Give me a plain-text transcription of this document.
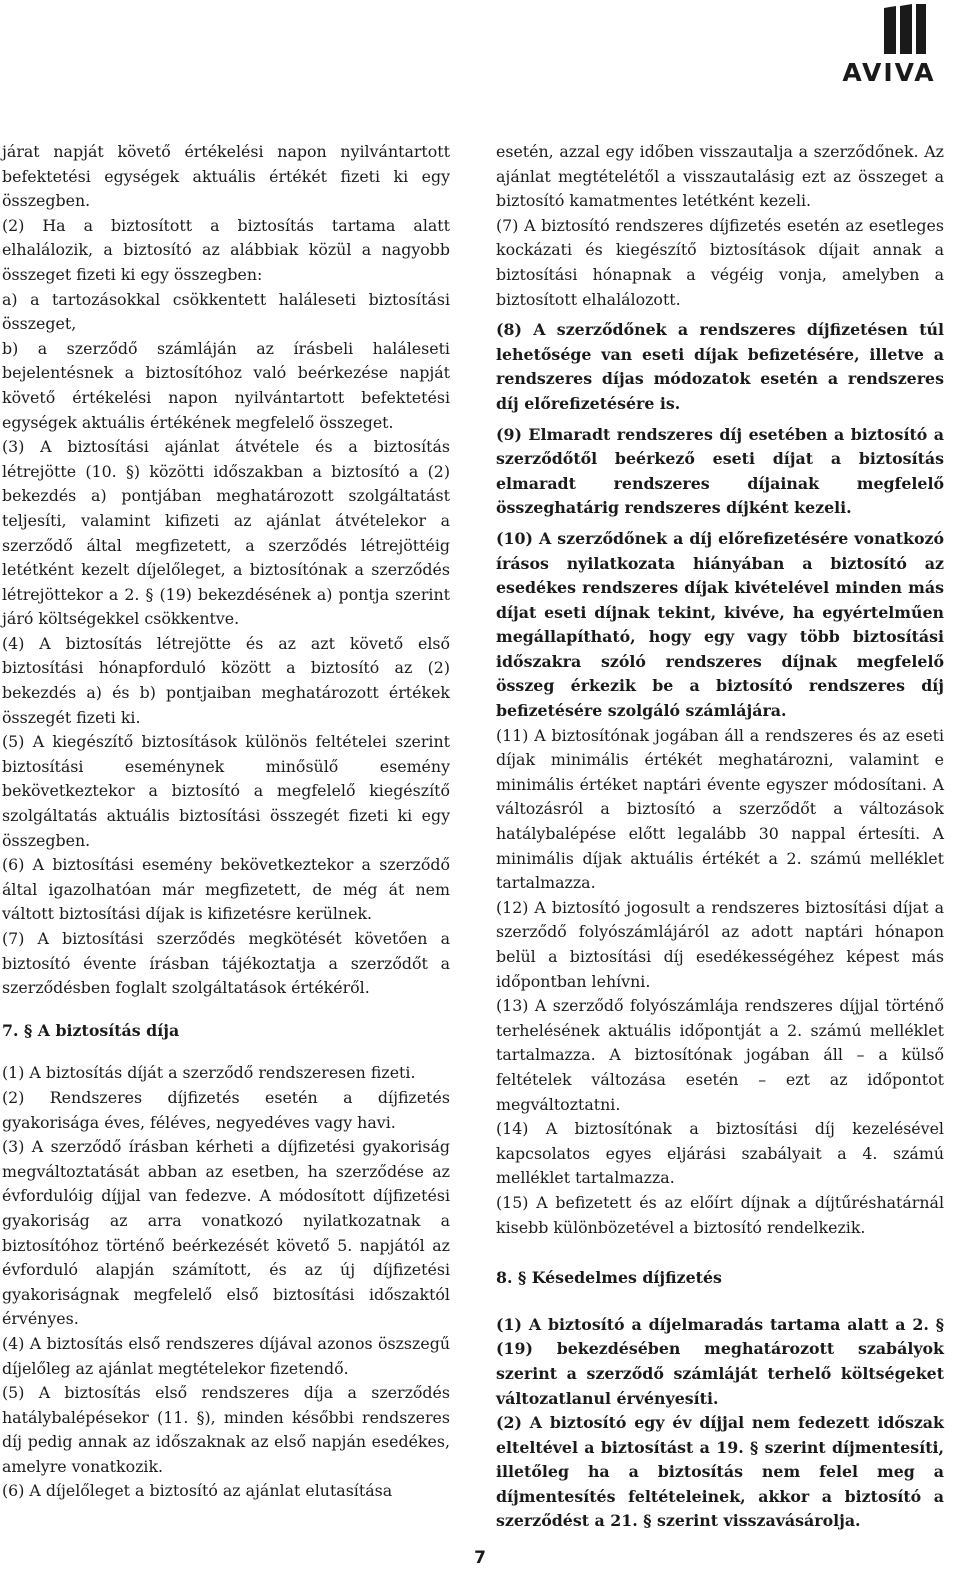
AVIVA

járat napját követő értékelési napon nyilvántartott befektetési egységek aktuális értékét fizeti ki egy összegben.

(2) Ha a biztosított a biztosítás tartama alatt elhalálozik, a biztosító az alábbiak közül a nagyobb összeget fizeti ki egy összegben:

a) a tartozásokkal csökkentett haláleseti biztosítási összeget,

b) a szerződő számláján az írásbeli haláleseti bejelentésnek a biztosítóhoz való beérkezése napját követő értékelési napon nyilvántartott befektetési egységek aktuális értékének megfelelő összeget.

(3) A biztosítási ajánlat átvétele és a biztosítás létrejötte (10. §) közötti időszakban a biztosító a (2) bekezdés a) pontjában meghatározott szolgáltatást teljesíti, valamint kifizeti az ajánlat átvételekor a szerződő által megfizetett, a szerződés létrejöttéig letétként kezelt díjelőleget, a biztosítónak a szerződés létrejöttekor a 2. § (19) bekezdésének a) pontja szerint járó költségekkel csökkentve.

(4) A biztosítás létrejötte és az azt követő első biztosítási hónapforduló között a biztosító az (2) bekezdés a) és b) pontjaiban meghatározott értékek összegét fizeti ki.

(5) A kiegészítő biztosítások különös feltételei szerint biztosítási eseménynek minősülő esemény bekövetkeztekor a biztosító a megfelelő kiegészítő szolgáltatás aktuális biztosítási összegét fizeti ki egy összegben.

(6) A biztosítási esemény bekövetkeztekor a szerződő által igazolhatóan már megfizetett, de még át nem váltott biztosítási díjak is kifizetésre kerülnek.

(7) A biztosítási szerződés megkötését követően a biztosító évente írásban tájékoztatja a szerződőt a szerződésben foglalt szolgáltatások értékéről.

7. § A biztosítás díja

(1) A biztosítás díját a szerződő rendszeresen fizeti.

(2) Rendszeres díjfizetés esetén a díjfizetés gyakorisága éves, féléves, negyedéves vagy havi.

(3) A szerződő írásban kérheti a díjfizetési gyakoriság megváltoztatását abban az esetben, ha szerződése az évfordulóig díjjal van fedezve. A módosított díjfizetési gyakoriság az arra vonatkozó nyilatkozatnak a biztosítóhoz történő beérkezését követő 5. napjától az évforduló alapján számított, és az új díjfizetési gyakoriságnak megfelelő első biztosítási időszaktól érvényes.

(4) A biztosítás első rendszeres díjával azonos öszszegű díjelőleg az ajánlat megtételekor fizetendő.

(5) A biztosítás első rendszeres díja a szerződés hatálybalépésekor (11. §), minden későbbi rendszeres díj pedig annak az időszaknak az első napján esedékes, amelyre vonatkozik.

(6) A díjelőleget a biztosító az ajánlat elutasítása

esetén, azzal egy időben visszautalja a szerződőnek. Az ajánlat megtételétől a visszautalásig ezt az összeget a biztosító kamatmentes letétként kezeli.

(7) A biztosító rendszeres díjfizetés esetén az esetleges kockázati és kiegészítő biztosítások díjait annak a biztosítási hónapnak a végéig vonja, amelyben a biztosított elhalálozott.

(8) A szerződőnek a rendszeres díjfizetésen túl lehetősége van eseti díjak befizetésére, illetve a rendszeres díjas módozatok esetén a rendszeres díj előrefizetésére is.

(9) Elmaradt rendszeres díj esetében a biztosító a szerződőtől beérkező eseti díjat a biztosítás elmaradt rendszeres díjainak megfelelő összeghatárig rendszeres díjként kezeli.

(10) A szerződőnek a díj előrefizetésére vonatkozó írásos nyilatkozata hiányában a biztosító az esedékes rendszeres díjak kivételével minden más díjat eseti díjnak tekint, kivéve, ha egyértelműen megállapítható, hogy egy vagy több biztosítási időszakra szóló rendszeres díjnak megfelelő összeg érkezik be a biztosító rendszeres díj befizetésére szolgáló számlájára.

(11) A biztosítónak jogában áll a rendszeres és az eseti díjak minimális értékét meghatározni, valamint e minimális értéket naptári évente egyszer módosítani. A változásról a biztosító a szerződőt a változások hatálybalépése előtt legalább 30 nappal értesíti. A minimális díjak aktuális értékét a 2. számú melléklet tartalmazza.

(12) A biztosító jogosult a rendszeres biztosítási díjat a szerződő folyószámlájáról az adott naptári hónapon belül a biztosítási díj esedékességéhez képest más időpontban lehívni.

(13) A szerződő folyószámlája rendszeres díjjal történő terhelésének aktuális időpontját a 2. számú melléklet tartalmazza. A biztosítónak jogában áll – a külső feltételek változása esetén – ezt az időpontot megváltoztatni.

(14) A biztosítónak a biztosítási díj kezelésével kapcsolatos egyes eljárási szabályait a 4. számú melléklet tartalmazza.

(15) A befizetett és az előírt díjnak a díjtűréshatárnál kisebb különbözetével a biztosító rendelkezik.

8. § Késedelmes díjfizetés

(1) A biztosító a díjelmaradás tartama alatt a 2. § (19) bekezdésében meghatározott szabályok szerint a szerződő számláját terhelő költségeket változatlanul érvényesíti.

(2) A biztosító egy év díjjal nem fedezett időszak elteltével a biztosítást a 19. § szerint díjmentesíti, illetőleg ha a biztosítás nem felel meg a díjmentesítés feltételeinek, akkor a biztosító a szerződést a 21. § szerint visszavásárolja.

7
